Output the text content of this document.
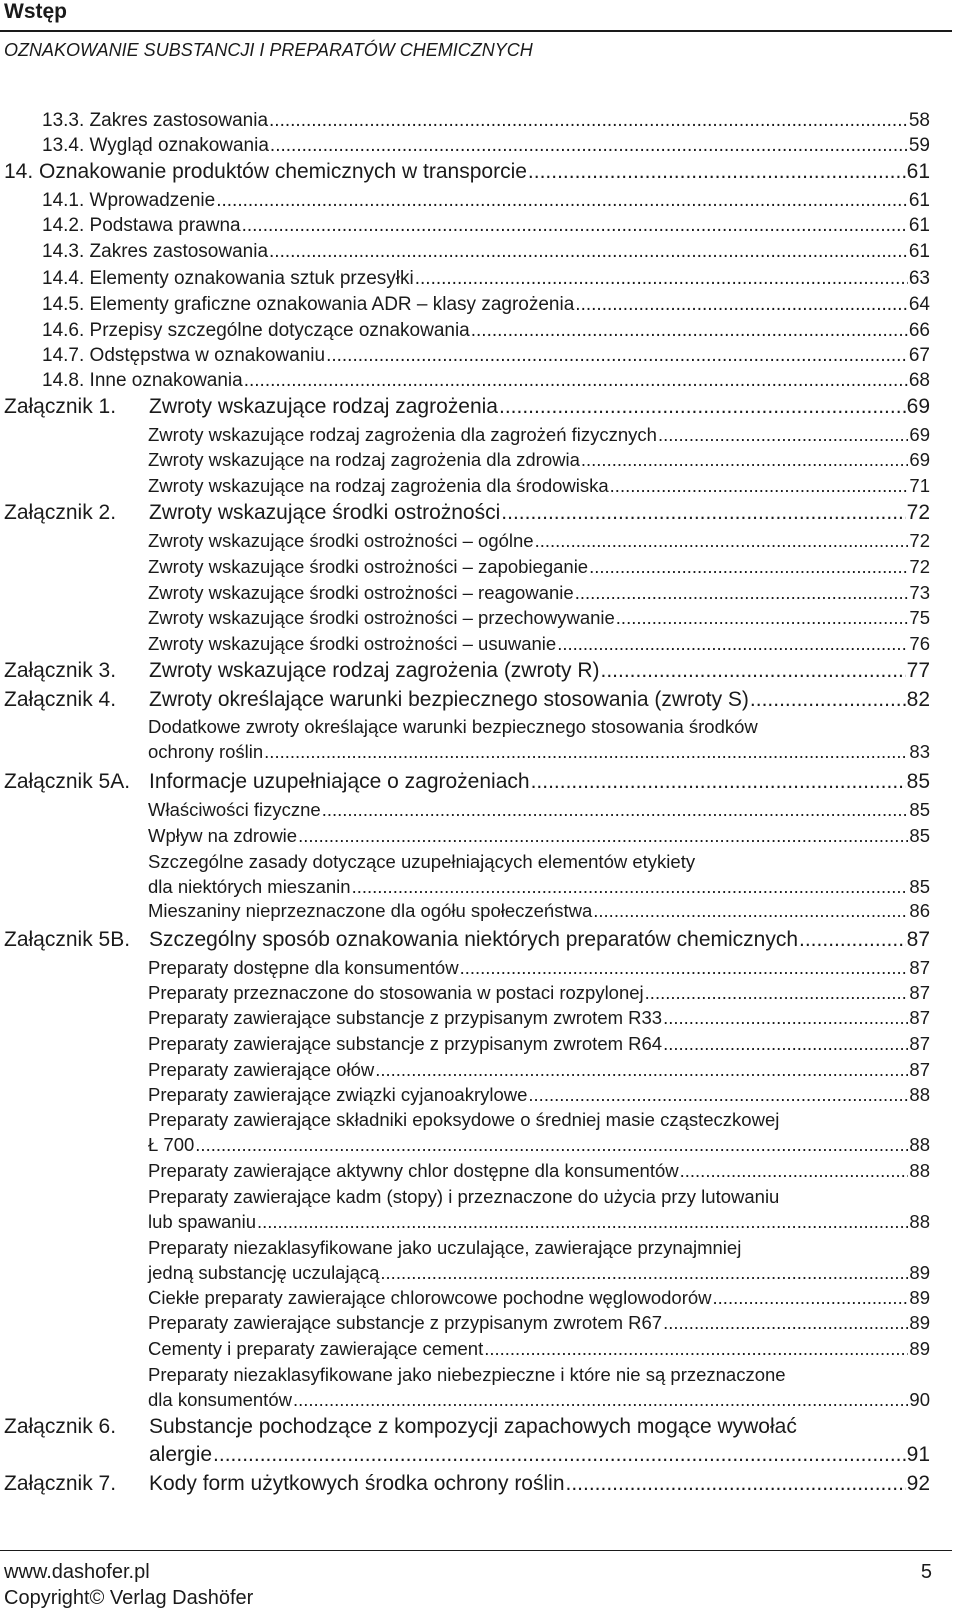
Wstęp
OZNAKOWANIE SUBSTANCJI I PREPARATÓW CHEMICZNYCH
13.3. Zakres zastosowania .....	58
13.4. Wygląd oznakowania .....	59
14. Oznakowanie produktów chemicznych w transporcie .....	61
14.1. Wprowadzenie .....	61
14.2. Podstawa prawna .....	61
14.3. Zakres zastosowania .....	61
14.4. Elementy oznakowania sztuk przesyłki .....	63
14.5. Elementy graficzne oznakowania ADR – klasy zagrożenia .....	64
14.6. Przepisy szczególne dotyczące oznakowania .....	66
14.7. Odstępstwa w oznakowaniu .....	67
14.8. Inne oznakowania .....	68
Załącznik 1.	Zwroty wskazujące rodzaj zagrożenia .....	69
Zwroty wskazujące rodzaj zagrożenia dla zagrożeń fizycznych .....	69
Zwroty wskazujące na rodzaj zagrożenia dla zdrowia .....	69
Zwroty wskazujące na rodzaj zagrożenia dla środowiska .....	71
Załącznik 2.	Zwroty wskazujące środki ostrożności .....	72
Zwroty wskazujące środki ostrożności – ogólne .....	72
Zwroty wskazujące środki ostrożności – zapobieganie .....	72
Zwroty wskazujące środki ostrożności – reagowanie .....	73
Zwroty wskazujące środki ostrożności – przechowywanie .....	75
Zwroty wskazujące środki ostrożności – usuwanie .....	76
Załącznik 3.	Zwroty wskazujące rodzaj zagrożenia (zwroty R) .....	77
Załącznik 4.	Zwroty określające warunki bezpiecznego stosowania (zwroty S) .....	82
Dodatkowe zwroty określające warunki bezpiecznego stosowania środków
ochrony roślin .....	83
Załącznik 5A. Informacje uzupełniające o zagrożeniach .....	85
Właściwości fizyczne .....	85
Wpływ na zdrowie .....	85
Szczególne zasady dotyczące uzupełniających elementów etykiety
dla niektórych mieszanin .....	85
Mieszaniny nieprzeznaczone dla ogółu społeczeństwa .....	86
Załącznik 5B. Szczególny sposób oznakowania niektórych preparatów chemicznych .....	87
Preparaty dostępne dla konsumentów .....	87
Preparaty przeznaczone do stosowania w postaci rozpylonej .....	87
Preparaty zawierające substancje z przypisanym zwrotem R33 .....	87
Preparaty zawierające substancje z przypisanym zwrotem R64 .....	87
Preparaty zawierające ołów .....	87
Preparaty zawierające związki cyjanoakrylowe .....	88
Preparaty zawierające składniki epoksydowe o średniej masie cząsteczkowej
Ł 700 .....	88
Preparaty zawierające aktywny chlor dostępne dla konsumentów .....	88
Preparaty zawierające kadm (stopy) i przeznaczone do użycia przy lutowaniu
lub spawaniu .....	88
Preparaty niezaklasyfikowane jako uczulające, zawierające przynajmniej
jedną substancję uczulającą .....	89
Ciekłe preparaty zawierające chlorowcowe pochodne węglowodorów .....	89
Preparaty zawierające substancje z przypisanym zwrotem R67 .....	89
Cementy i preparaty zawierające cement .....	89
Preparaty niezaklasyfikowane jako niebezpieczne i które nie są przeznaczone
dla konsumentów .....	90
Załącznik 6. Substancje pochodzące z kompozycji zapachowych mogące wywołać
alergie .....	91
Załącznik 7.	Kody form użytkowych środka ochrony roślin .....	92
www.dashofer.pl
Copyright© Verlag Dashöfer
5
